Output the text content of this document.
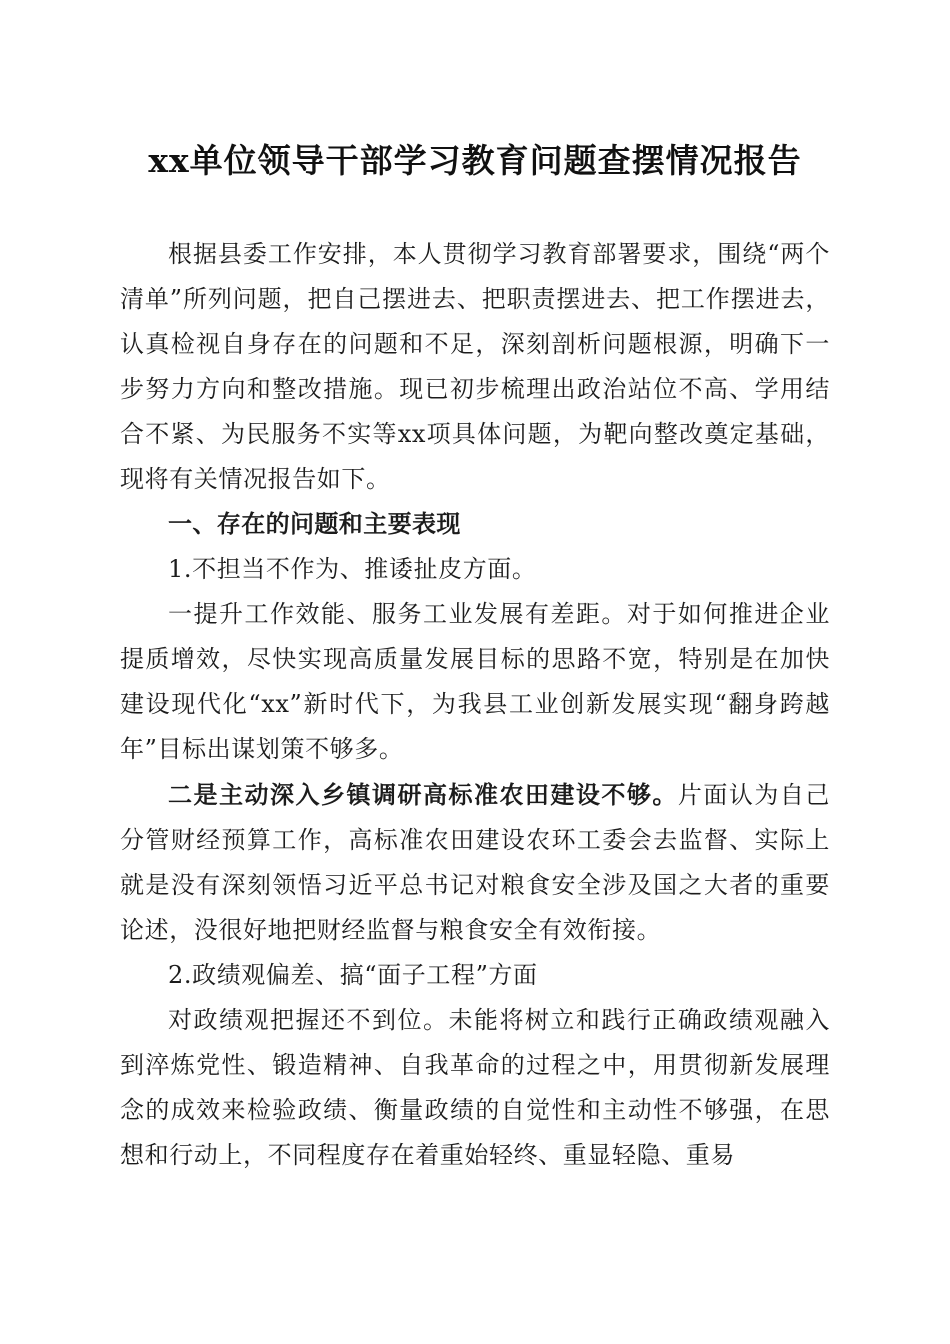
xx单位领导干部学习教育问题查摆情况报告

根据县委工作安排，本人贯彻学习教育部署要求，围绕“两个清单”所列问题，把自己摆进去、把职责摆进去、把工作摆进去，认真检视自身存在的问题和不足，深刻剖析问题根源，明确下一步努力方向和整改措施。现已初步梳理出政治站位不高、学用结合不紧、为民服务不实等xx项具体问题，为靶向整改奠定基础，现将有关情况报告如下。

一、存在的问题和主要表现

1.不担当不作为、推诿扯皮方面。

一提升工作效能、服务工业发展有差距。对于如何推进企业提质增效，尽快实现高质量发展目标的思路不宽，特别是在加快建设现代化“xx”新时代下，为我县工业创新发展实现“翻身跨越年”目标出谋划策不够多。

二是主动深入乡镇调研高标准农田建设不够。片面认为自己分管财经预算工作，高标准农田建设农环工委会去监督、实际上就是没有深刻领悟习近平总书记对粮食安全涉及国之大者的重要论述，没很好地把财经监督与粮食安全有效衔接。

2.政绩观偏差、搞“面子工程”方面

对政绩观把握还不到位。未能将树立和践行正确政绩观融入到淬炼党性、锻造精神、自我革命的过程之中，用贯彻新发展理念的成效来检验政绩、衡量政绩的自觉性和主动性不够强，在思想和行动上，不同程度存在着重始轻终、重显轻隐、重易
